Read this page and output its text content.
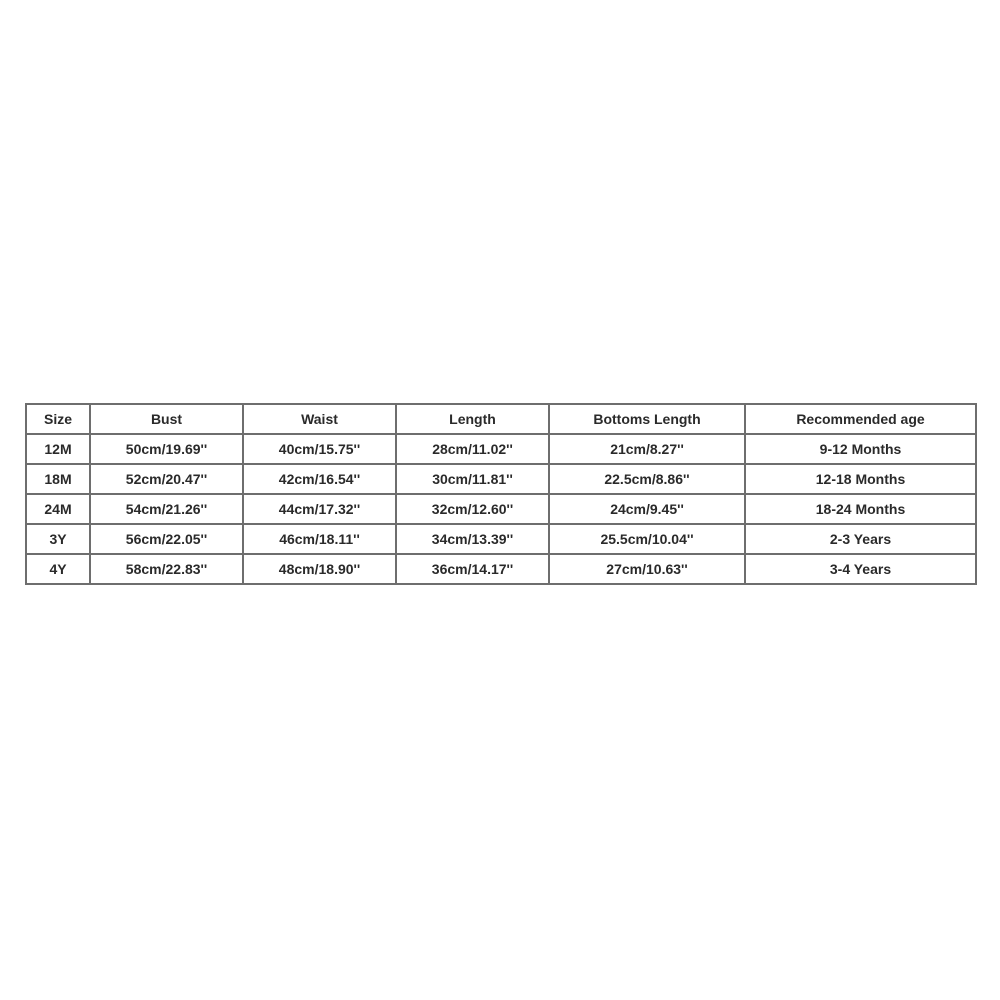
Size	Bust	Waist	Length	Bottoms Length	Recommended age
12M	50cm/19.69''	40cm/15.75''	28cm/11.02''	21cm/8.27''	9-12 Months
18M	52cm/20.47''	42cm/16.54''	30cm/11.81''	22.5cm/8.86''	12-18 Months
24M	54cm/21.26''	44cm/17.32''	32cm/12.60''	24cm/9.45''	18-24 Months
3Y	56cm/22.05''	46cm/18.11''	34cm/13.39''	25.5cm/10.04''	2-3 Years
4Y	58cm/22.83''	48cm/18.90''	36cm/14.17''	27cm/10.63''	3-4 Years
